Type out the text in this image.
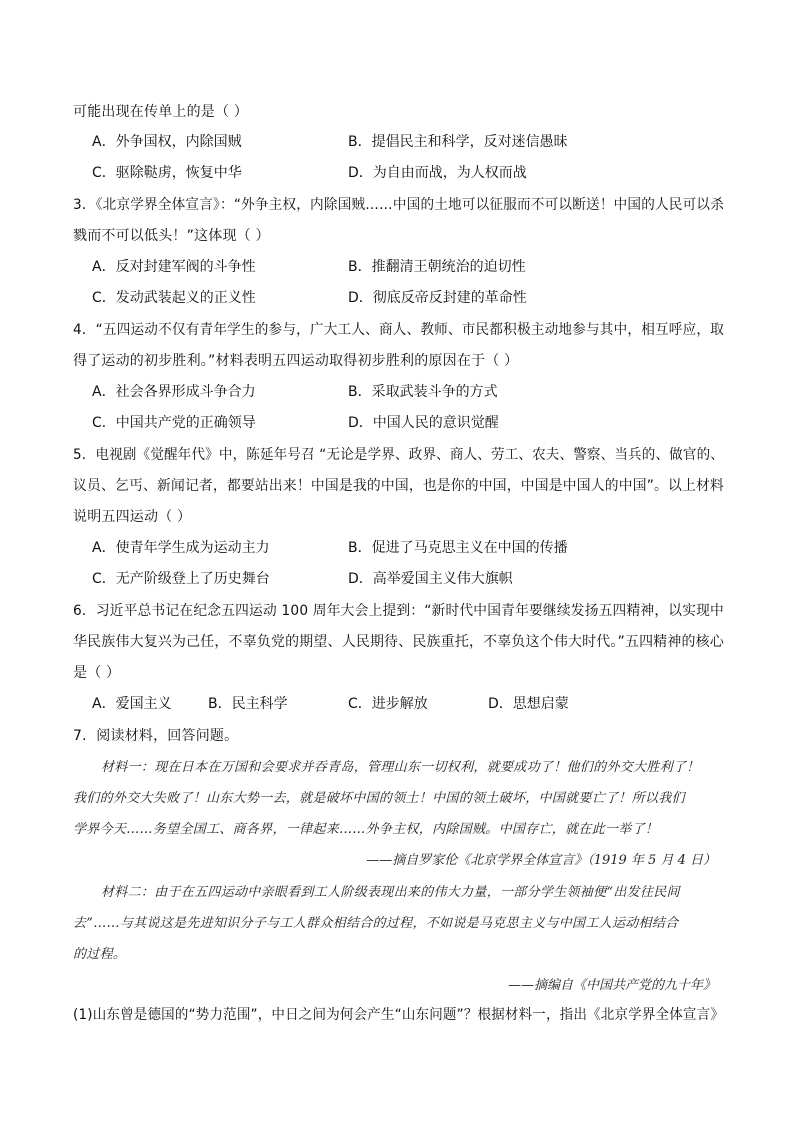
可能出现在传单上的是（ ）
A．外争国权，内除国贼	B．提倡民主和科学，反对迷信愚昧
C．驱除鞑虏，恢复中华	D．为自由而战，为人权而战
3．《北京学界全体宣言》：“外争主权，内除国贼……中国的土地可以征服而不可以断送！中国的人民可以杀
戮而不可以低头！”这体现（ ）
A．反对封建军阀的斗争性	B．推翻清王朝统治的迫切性
C．发动武装起义的正义性	D．彻底反帝反封建的革命性
4．“五四运动不仅有青年学生的参与，广大工人、商人、教师、市民都积极主动地参与其中，相互呼应，取
得了运动的初步胜利。”材料表明五四运动取得初步胜利的原因在于（ ）
A．社会各界形成斗争合力	B．采取武装斗争的方式
C．中国共产党的正确领导	D．中国人民的意识觉醒
5．电视剧《觉醒年代》中，陈延年号召 “无论是学界、政界、商人、劳工、农夫、警察、当兵的、做官的、
议员、乞丐、新闻记者，都要站出来！中国是我的中国，也是你的中国，中国是中国人的中国”。以上材料
说明五四运动（ ）
A．使青年学生成为运动主力	B．促进了马克思主义在中国的传播
C．无产阶级登上了历史舞台	D．高举爱国主义伟大旗帜
6．习近平总书记在纪念五四运动 100 周年大会上提到：“新时代中国青年要继续发扬五四精神，以实现中
华民族伟大复兴为己任，不辜负党的期望、人民期待、民族重托，不辜负这个伟大时代。”五四精神的核心
是（ ）
A．爱国主义	B．民主科学	C．进步解放	D．思想启蒙
7．阅读材料，回答问题。
材料一：现在日本在万国和会要求并吞青岛，管理山东一切权利，就要成功了！他们的外交大胜利了！
我们的外交大失败了！山东大势一去，就是破坏中国的领土！中国的领土破坏，中国就要亡了！所以我们
学界今天……务望全国工、商各界，一律起来……外争主权，内除国贼。中国存亡，就在此一举了！
——摘自罗家伦《北京学界全体宣言》（1919 年 5 月 4 日）
材料二：由于在五四运动中亲眼看到工人阶级表现出来的伟大力量，一部分学生领袖便“出发往民间
去”……与其说这是先进知识分子与工人群众相结合的过程，不如说是马克思主义与中国工人运动相结合
的过程。
——摘编自《中国共产党的九十年》
(1)山东曾是德国的“势力范围”，中日之间为何会产生“山东问题”？根据材料一，指出《北京学界全体宣言》
